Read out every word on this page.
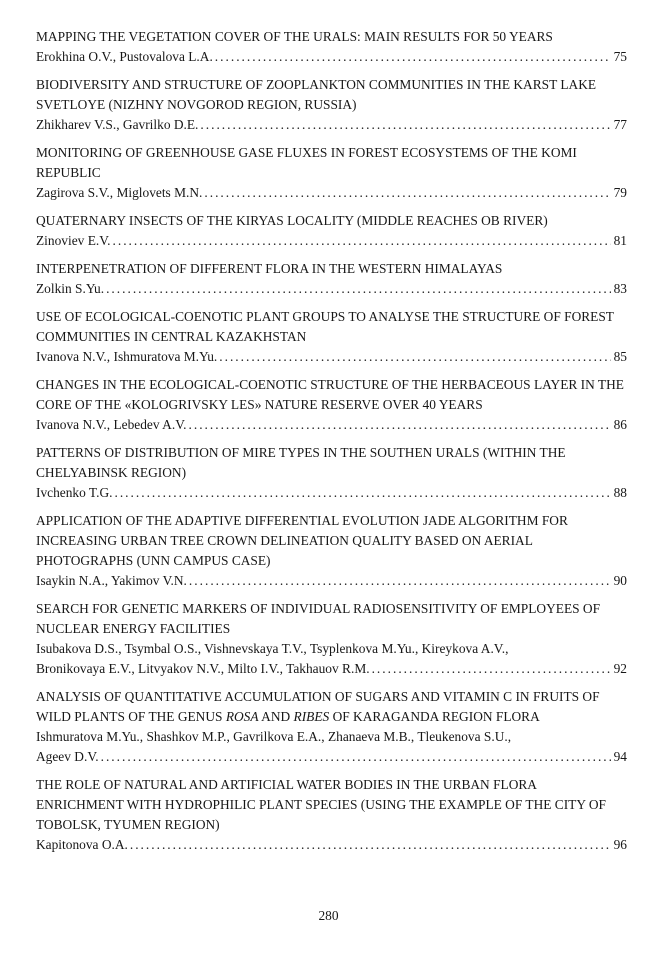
MAPPING THE VEGETATION COVER OF THE URALS: MAIN RESULTS FOR 50 YEARS
Erokhina O.V., Pustovalova L.A. .....	75
BIODIVERSITY AND STRUCTURE OF ZOOPLANKTON COMMUNITIES IN THE KARST LAKE SVETLOYE (NIZHNY NOVGOROD REGION, RUSSIA)
Zhikharev V.S., Gavrilko D.E. .....	77
MONITORING OF GREENHOUSE GASE FLUXES IN FOREST ECOSYSTEMS OF THE KOMI REPUBLIC
Zagirova S.V., Miglovets M.N. .....	79
QUATERNARY INSECTS OF THE KIRYAS LOCALITY (MIDDLE REACHES OB RIVER)
Zinoviev E.V. .....	81
INTERPENETRATION OF DIFFERENT FLORA IN THE WESTERN HIMALAYAS
Zolkin S.Yu. .....	83
USE OF ECOLOGICAL-COENOTIC PLANT GROUPS TO ANALYSE THE STRUCTURE OF FOREST COMMUNITIES IN CENTRAL KAZAKHSTAN
Ivanova N.V., Ishmuratova M.Yu. .....	85
CHANGES IN THE ECOLOGICAL-COENOTIC STRUCTURE OF THE HERBACEOUS LAYER IN THE CORE OF THE «KOLOGRIVSKY LES» NATURE RESERVE OVER 40 YEARS
Ivanova N.V., Lebedev A.V. .....	86
PATTERNS OF DISTRIBUTION OF MIRE TYPES IN THE SOUTHEN URALS (WITHIN THE CHELYABINSK REGION)
Ivchenko T.G. .....	88
APPLICATION OF THE ADAPTIVE DIFFERENTIAL EVOLUTION JADE ALGORITHM FOR INCREASING URBAN TREE CROWN DELINEATION QUALITY BASED ON AERIAL PHOTOGRAPHS (UNN CAMPUS CASE)
Isaykin N.A., Yakimov V.N. .....	90
SEARCH FOR GENETIC MARKERS OF INDIVIDUAL RADIOSENSITIVITY OF EMPLOYEES OF NUCLEAR ENERGY FACILITIES
Isubakova D.S., Tsymbal O.S., Vishnevskaya T.V., Tsyplenkova M.Yu., Kireykova A.V.,
Bronikovaya E.V., Litvyakov N.V., Milto I.V., Takhauov R.M. .....	92
ANALYSIS OF QUANTITATIVE ACCUMULATION OF SUGARS AND VITAMIN C IN FRUITS OF WILD PLANTS OF THE GENUS ROSA AND RIBES OF KARAGANDA REGION FLORA
Ishmuratova M.Yu., Shashkov M.P., Gavrilkova E.A., Zhanaeva M.B., Tleukenova S.U.,
Ageev D.V. .....	94
THE ROLE OF NATURAL AND ARTIFICIAL WATER BODIES IN THE URBAN FLORA ENRICHMENT WITH HYDROPHILIC PLANT SPECIES (USING THE EXAMPLE OF THE CITY OF TOBOLSK, TYUMEN REGION)
Kapitonova O.A. .....	96
280
